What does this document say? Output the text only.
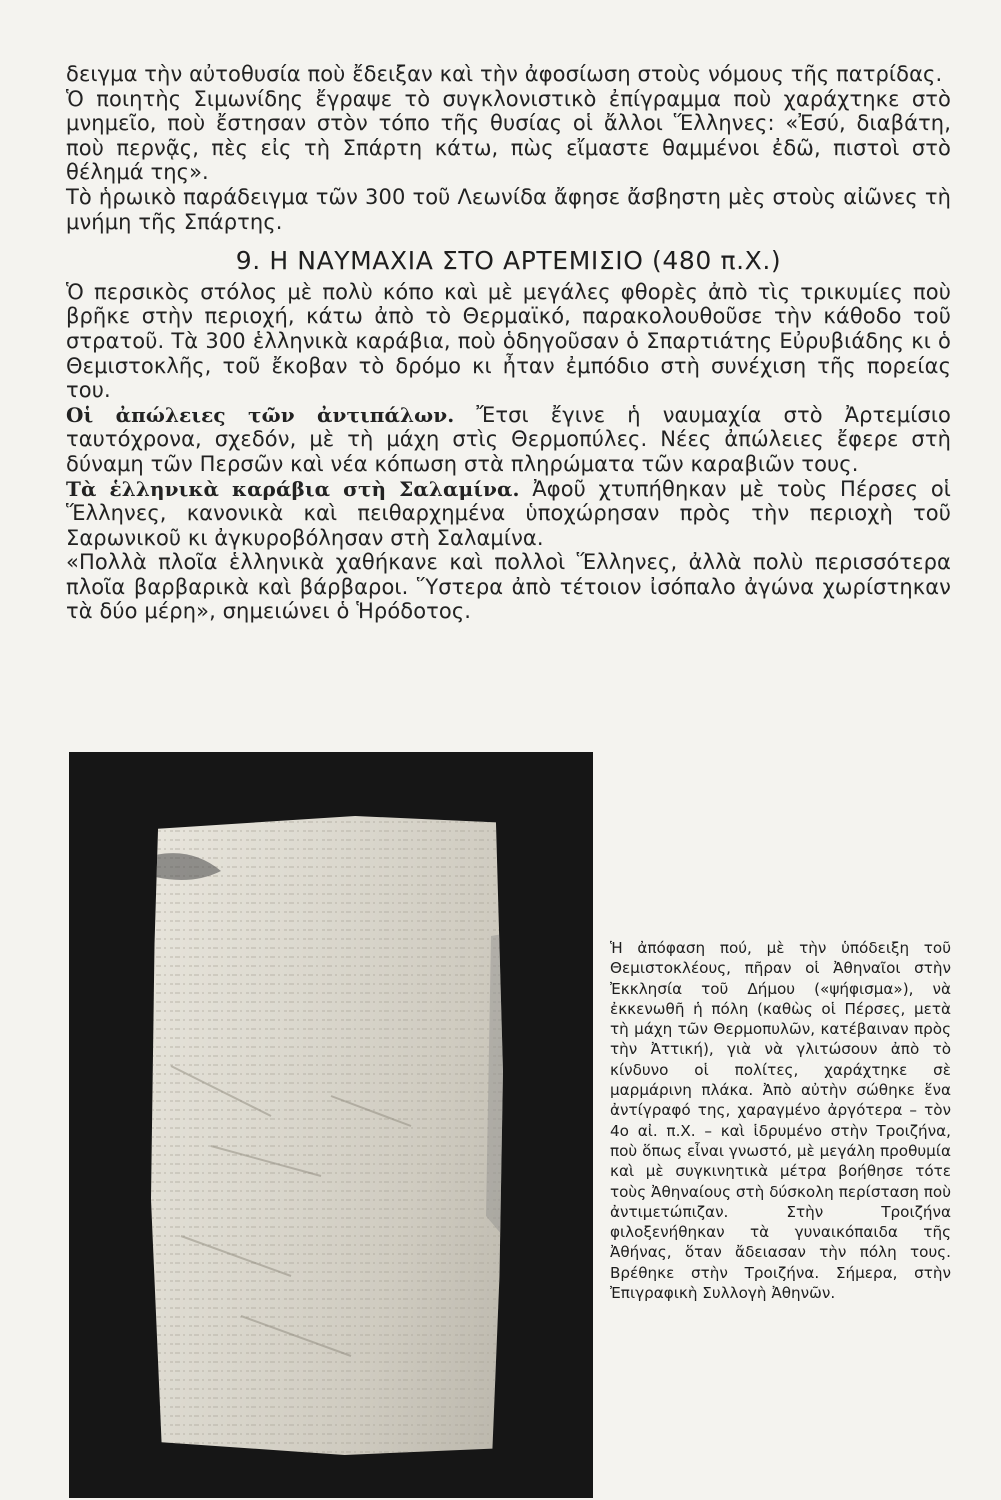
δειγμα τὴν αὐτοθυσία ποὺ ἔδειξαν καὶ τὴν ἀφοσίωση στοὺς νόμους τῆς πατρίδας.

Ὁ ποιητὴς Σιμωνίδης ἔγραψε τὸ συγκλονιστικὸ ἐπίγραμμα ποὺ χαράχτηκε στὸ μνημεῖο, ποὺ ἔστησαν στὸν τόπο τῆς θυσίας οἱ ἄλλοι Ἕλληνες: «Ἐσύ, διαβάτη, ποὺ περνᾷς, πὲς εἰς τὴ Σπάρτη κάτω, πὼς εἴμαστε θαμμένοι ἐδῶ, πιστοὶ στὸ θέλημά της».

Τὸ ἡρωικὸ παράδειγμα τῶν 300 τοῦ Λεωνίδα ἄφησε ἄσβηστη μὲς στοὺς αἰῶνες τὴ μνήμη τῆς Σπάρτης.

9. Η ΝΑΥΜΑΧΙΑ ΣΤΟ ΑΡΤΕΜΙΣΙΟ (480 π.Χ.)

Ὁ περσικὸς στόλος μὲ πολὺ κόπο καὶ μὲ μεγάλες φθορὲς ἀπὸ τὶς τρικυμίες ποὺ βρῆκε στὴν περιοχή, κάτω ἀπὸ τὸ Θερμαϊκό, παρακολουθοῦσε τὴν κάθοδο τοῦ στρατοῦ. Τὰ 300 ἑλληνικὰ καράβια, ποὺ ὁδηγοῦσαν ὁ Σπαρτιάτης Εὐρυβιάδης κι ὁ Θεμιστοκλῆς, τοῦ ἔκοβαν τὸ δρόμο κι ἦταν ἐμπόδιο στὴ συνέχιση τῆς πορείας του.

Οἱ ἀπώλειες τῶν ἀντιπάλων. Ἔτσι ἔγινε ἡ ναυμαχία στὸ Ἀρτεμίσιο ταυτόχρονα, σχεδόν, μὲ τὴ μάχη στὶς Θερμοπύλες. Νέες ἀπώλειες ἔφερε στὴ δύναμη τῶν Περσῶν καὶ νέα κόπωση στὰ πληρώματα τῶν καραβιῶν τους.

Τὰ ἑλληνικὰ καράβια στὴ Σαλαμίνα. Ἀφοῦ χτυπήθηκαν μὲ τοὺς Πέρσες οἱ Ἕλληνες, κανονικὰ καὶ πειθαρχημένα ὑποχώρησαν πρὸς τὴν περιοχὴ τοῦ Σαρωνικοῦ κι ἀγκυροβόλησαν στὴ Σαλαμίνα.

«Πολλὰ πλοῖα ἑλληνικὰ χαθήκανε καὶ πολλοὶ Ἕλληνες, ἀλλὰ πολὺ περισσότερα πλοῖα βαρβαρικὰ καὶ βάρβαροι. Ὕστερα ἀπὸ τέτοιον ἰσόπαλο ἀγώνα χωρίστηκαν τὰ δύο μέρη», σημειώνει ὁ Ἡρόδοτος.

Ἡ ἀπόφαση πού, μὲ τὴν ὑπόδειξη τοῦ Θεμιστοκλέους, πῆραν οἱ Ἀθηναῖοι στὴν Ἐκκλησία τοῦ Δήμου («ψήφισμα»), νὰ ἐκκενωθῆ ἡ πόλη (καθὼς οἱ Πέρσες, μετὰ τὴ μάχη τῶν Θερμοπυλῶν, κατέβαιναν πρὸς τὴν Ἀττική), γιὰ νὰ γλιτώσουν ἀπὸ τὸ κίνδυνο οἱ πολίτες, χαράχτηκε σὲ μαρμάρινη πλάκα. Ἀπὸ αὐτὴν σώθηκε ἕνα ἀντίγραφό της, χαραγμένο ἀργότερα – τὸν 4ο αἰ. π.Χ. – καὶ ἱδρυμένο στὴν Τροιζήνα, ποὺ ὅπως εἶναι γνωστό, μὲ μεγάλη προθυμία καὶ μὲ συγκινητικὰ μέτρα βοήθησε τότε τοὺς Ἀθηναίους στὴ δύσκολη περίσταση ποὺ ἀντιμετώπιζαν. Στὴν Τροιζήνα φιλοξενήθηκαν τὰ γυναικόπαιδα τῆς Ἀθήνας, ὅταν ἄδειασαν τὴν πόλη τους. Βρέθηκε στὴν Τροιζήνα. Σήμερα, στὴν Ἐπιγραφικὴ Συλλογὴ Ἀθηνῶν.
